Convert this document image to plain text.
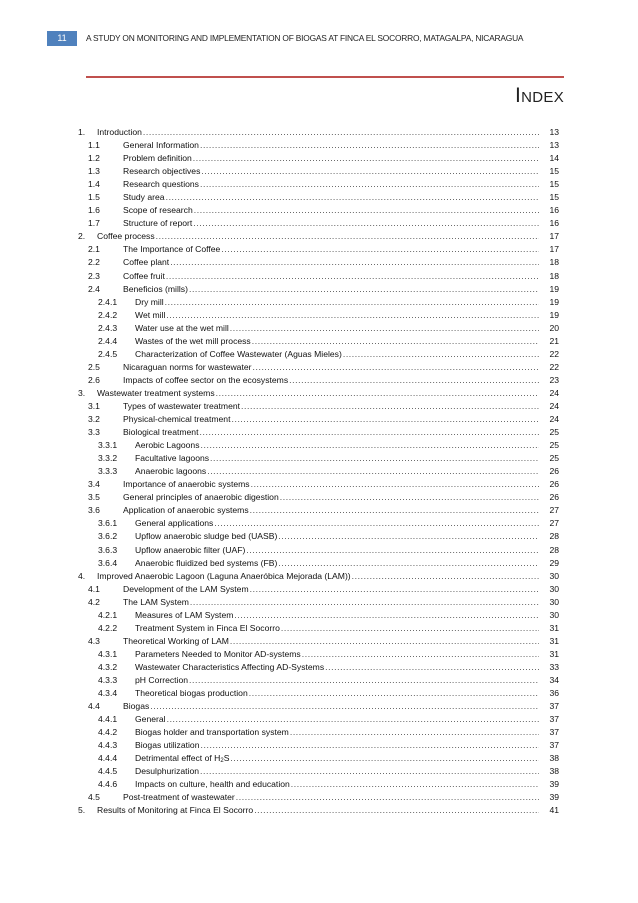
11	A STUDY ON MONITORING AND IMPLEMENTATION OF BIOGAS AT FINCA EL SOCORRO, MATAGALPA, NICARAGUA
Index
1. Introduction .....	13
1.1	General Information .....	13
1.2	Problem definition .....	14
1.3	Research objectives .....	15
1.4	Research questions .....	15
1.5	Study area .....	15
1.6	Scope of research .....	16
1.7	Structure of report .....	16
2. Coffee process .....	17
2.1	The Importance of Coffee .....	17
2.2	Coffee plant .....	18
2.3	Coffee fruit .....	18
2.4	Beneficios (mills) .....	19
2.4.1 Dry mill .....	19
2.4.2 Wet mill .....	19
2.4.3 Water use at the wet mill .....	20
2.4.4 Wastes of the wet mill process .....	21
2.4.5 Characterization of Coffee Wastewater (Aguas Mieles) .....	22
2.5	Nicaraguan norms for wastewater .....	22
2.6	Impacts of coffee sector on the ecosystems .....	23
3. Wastewater treatment systems .....	24
3.1	Types of wastewater treatment .....	24
3.2	Physical-chemical treatment .....	24
3.3	Biological treatment .....	25
3.3.1 Aerobic Lagoons .....	25
3.3.2 Facultative lagoons .....	25
3.3.3 Anaerobic lagoons .....	26
3.4	Importance of anaerobic systems .....	26
3.5	General principles of anaerobic digestion .....	26
3.6	Application of anaerobic systems .....	27
3.6.1 General applications .....	27
3.6.2 Upflow anaerobic sludge bed (UASB) .....	28
3.6.3 Upflow anaerobic filter (UAF) .....	28
3.6.4 Anaerobic fluidized bed systems (FB) .....	29
4. Improved Anaerobic Lagoon (Laguna Anaeróbica Mejorada (LAM)) .....	30
4.1	Development of the LAM System .....	30
4.2	The LAM System .....	30
4.2.1 Measures of LAM System .....	30
4.2.2 Treatment System in Finca El Socorro .....	31
4.3	Theoretical Working of LAM .....	31
4.3.1 Parameters Needed to Monitor AD-systems .....	31
4.3.2 Wastewater Characteristics Affecting AD-Systems .....	33
4.3.3 pH Correction .....	34
4.3.4 Theoretical biogas production .....	36
4.4	Biogas .....	37
4.4.1 General .....	37
4.4.2 Biogas holder and transportation system .....	37
4.4.3 Biogas utilization .....	37
4.4.4 Detrimental effect of $H_2S$ .....	38
4.4.5 Desulphurization .....	38
4.4.6 Impacts on culture, health and education .....	39
4.5	Post-treatment of wastewater .....	39
5. Results of Monitoring at Finca El Socorro .....	41
